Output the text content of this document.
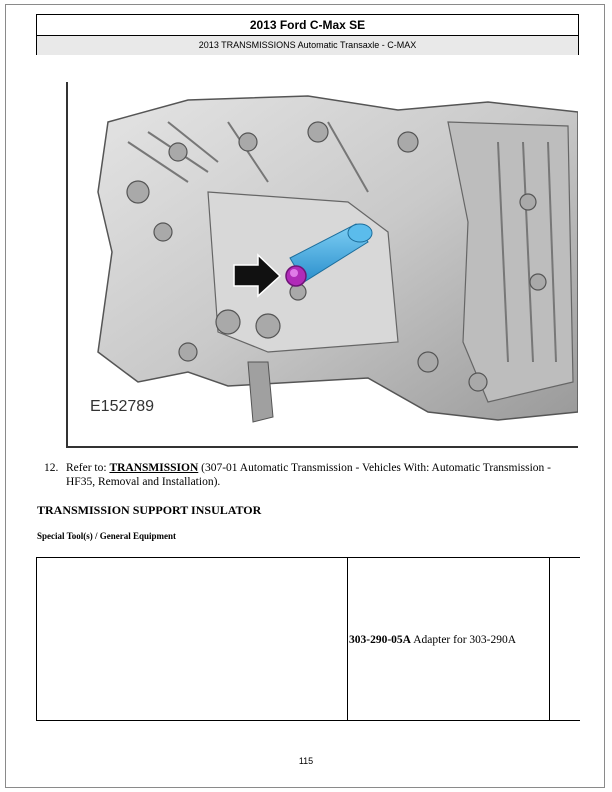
2013 Ford C-Max SE
2013 TRANSMISSIONS Automatic Transaxle - C-MAX
E152789
12. Refer to: TRANSMISSION (307-01 Automatic Transmission - Vehicles With: Automatic Transmission - HF35, Removal and Installation).
TRANSMISSION SUPPORT INSULATOR
Special Tool(s) / General Equipment
303-290-05A Adapter for 303-290A
115
